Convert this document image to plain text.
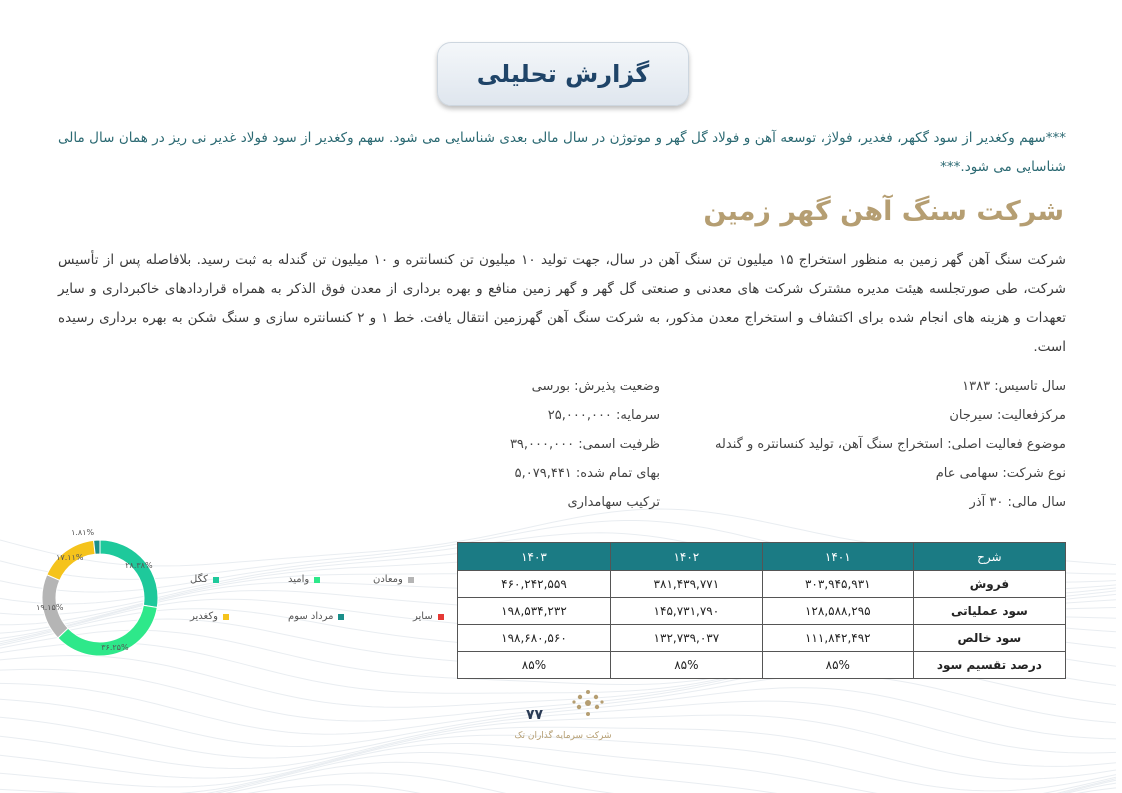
گزارش تحلیلی
***سهم وکغدیر از سود گکهر، فغدیر، فولاژ، توسعه آهن و فولاد گل گهر و موتوژن در سال مالی بعدی شناسایی می شود. سهم وکغدیر از سود فولاد غدیر نی ریز در همان سال مالی شناسایی می شود.***
شرکت سنگ آهن گهر زمین
شرکت سنگ آهن گهر زمین به منظور استخراج ۱۵ میلیون تن سنگ آهن در سال، جهت تولید ۱۰ میلیون تن کنسانتره و ۱۰ میلیون تن گندله به ثبت رسید. بلافاصله پس از تأسیس شرکت، طی صورتجلسه هیئت مدیره مشترک شرکت های معدنی و صنعتی گل گهر و گهر زمین منافع و بهره برداری از معدن فوق الذکر به همراه قراردادهای خاکبرداری و سایر تعهدات و هزینه های انجام شده برای اکتشاف و استخراج معدن مذکور، به شرکت سنگ آهن گهرزمین انتقال یافت. خط ۱ و ۲ کنسانتره سازی و سنگ شکن به بهره برداری رسیده است.
سال تاسیس: ۱۳۸۳
مرکزفعالیت: سیرجان
موضوع فعالیت اصلی: استخراج سنگ آهن، تولید کنسانتره و گندله
نوع شرکت: سهامی عام
سال مالی: ۳۰ آذر
وضعیت پذیرش: بورسی
سرمایه: ۲۵,۰۰۰,۰۰۰
ظرفیت اسمی: ۳۹,۰۰۰,۰۰۰
بهای تمام شده: ۵,۰۷۹,۴۴۱
ترکیب سهامداری
شرح	۱۴۰۱	۱۴۰۲	۱۴۰۳
فروش	۳۰۳,۹۴۵,۹۳۱	۳۸۱,۴۳۹,۷۷۱	۴۶۰,۲۴۲,۵۵۹
سود عملیاتی	۱۲۸,۵۸۸,۲۹۵	۱۴۵,۷۳۱,۷۹۰	۱۹۸,۵۳۴,۲۳۲
سود خالص	۱۱۱,۸۴۲,۴۹۲	۱۳۲,۷۳۹,۰۳۷	۱۹۸,۶۸۰,۵۶۰
درصد تقسیم سود	۸۵%	۸۵%	۸۵%
کگل	وامید	ومعادن
وکغدیر	مرداد سوم	سایر
۲۸.۳۸%
۳۶.۲۵%
۱۹.۱۵%
۱۷.۱۱%
۱.۸۱%
۷۷
شرکت سرمایه گذاران تک
